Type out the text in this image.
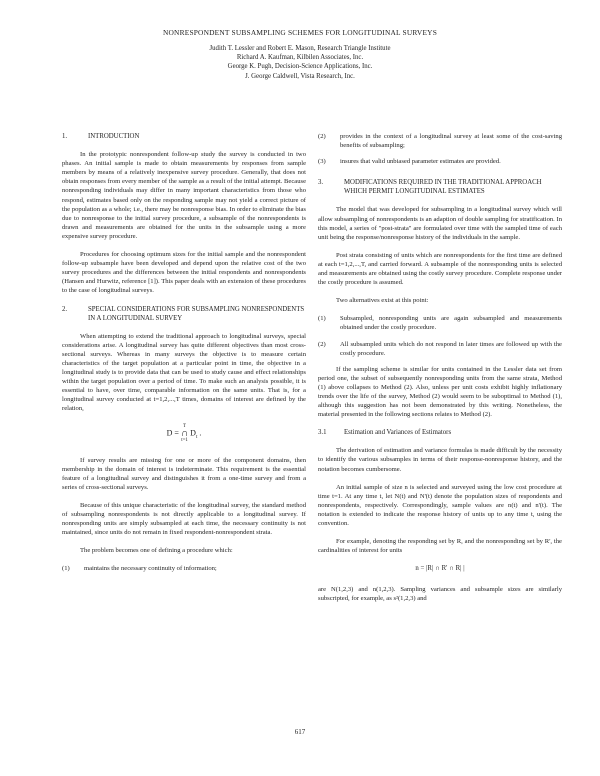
NONRESPONDENT SUBSAMPLING SCHEMES FOR LONGITUDINAL SURVEYS
Judith T. Lessler and Robert E. Mason, Research Triangle Institute
Richard A. Kaufman, Kilbilen Associates, Inc.
George K. Pugh, Decision-Science Applications, Inc.
J. George Caldwell, Vista Research, Inc.
1.	INTRODUCTION

In the prototypic nonrespondent follow-up study the survey is conducted in two phases. An initial sample is made to obtain measurements by responses from sample members by means of a relatively inexpensive survey procedure. Generally, that does not obtain responses from every member of the sample as a result of the initial attempt. Because nonresponding individuals may differ in many important characteristics from those who respond, estimates based only on the responding sample may not yield a correct picture of the population as a whole; i.e., there may be nonresponse bias. In order to eliminate the bias due to nonresponse to the initial survey procedure, a subsample of the nonrespondents is drawn and measurements are obtained for the units in the subsample using a more expensive survey procedure.

Procedures for choosing optimum sizes for the initial sample and the nonrespondent follow-up subsample have been developed and depend upon the relative cost of the two survey procedures and the differences between the initial respondents and nonrespondents (Hansen and Hurwitz, reference [1]). This paper deals with an extension of these procedures to the case of longitudinal surveys.

2.	SPECIAL CONSIDERATIONS FOR SUBSAMPLING NONRESPONDENTS IN A LONGITUDINAL SURVEY

When attempting to extend the traditional approach to longitudinal surveys, special considerations arise. A longitudinal survey has quite different objectives than most cross-sectional surveys. Whereas in many surveys the objective is to measure certain characteristics of the target population at a particular point in time, the objective in a longitudinal study is to provide data that can be used to study cause and effect relationships within the target population over a period of time. To make such an analysis possible, it is essential to have, over time, comparable information on the same units. That is, for a longitudinal survey conducted at t=1,2,...,T times, domains of interest are defined by the relation,

D =
T
∩
t=1
$D_t$ .

If survey results are missing for one or more of the component domains, then membership in the domain of interest is indeterminate. This requirement is the essential feature of a longitudinal survey and distinguishes it from a one-time survey and from a series of cross-sectional surveys.

Because of this unique characteristic of the longitudinal survey, the standard method of subsampling nonrespondents is not directly applicable to a longitudinal survey. If nonresponding units are simply subsampled at each time, the necessary continuity is not maintained, since units do not remain in fixed respondent-nonrespondent strata.

The problem becomes one of defining a procedure which:

(1)	maintains the necessary continuity of information;
(2)	provides in the context of a longitudinal survey at least some of the cost-saving benefits of subsampling;
(3)	insures that valid unbiased parameter estimates are provided.
3.	MODIFICATIONS REQUIRED IN THE TRADITIONAL APPROACH WHICH PERMIT LONGITUDINAL ESTIMATES

The model that was developed for subsampling in a longitudinal survey which will allow subsampling of nonrespondents is an adaption of double sampling for stratification. In this model, a series of "post-strata" are formulated over time with the sampled time of each unit being the response/nonresponse history of the individuals in the sample.

Post strata consisting of units which are nonrespondents for the first time are defined at each t=1,2,...,T, and carried forward. A subsample of the nonresponding units is selected and measurements are obtained using the costly survey procedure. Complete response under the costly procedure is assumed.

Two alternatives exist at this point:

(1)	Subsampled, nonresponding units are again subsampled and measurements obtained under the costly procedure.
(2)	All subsampled units which do not respond in later times are followed up with the costly procedure.

If the sampling scheme is similar for units contained in the Lessler data set from period one, the subset of subsequently nonresponding units from the same strata, Method (1) above collapses to Method (2). Also, unless per unit costs exhibit highly inflationary trends over the life of the survey, Method (2) would seem to be suboptimal to Method (1), although this suggestion has not been demonstrated by this writing. Nonetheless, the material presented in the following sections relates to Method (2).

3.1	Estimation and Variances of Estimators

The derivation of estimation and variance formulas is made difficult by the necessity to identify the various subsamples in terms of their response-nonresponse history, and the notation becomes cumbersome.

An initial sample of size n is selected and surveyed using the low cost procedure at time t=1. At any time t, let N(t) and N'(t) denote the population sizes of respondents and nonrespondents, respectively. Correspondingly, sample values are n(t) and n'(t). The notation is extended to indicate the response history of units up to any time t, using the convention.

For example, denoting the responding set by R, and the nonresponding set by R', the cardinalities of interest for units

n = |R| ∩ R' ∩ R| |

are N(1,2,3) and n(1,2,3). Sampling variances and subsample sizes are similarly subscripted, for example, as s²(1,2,3) and

617
